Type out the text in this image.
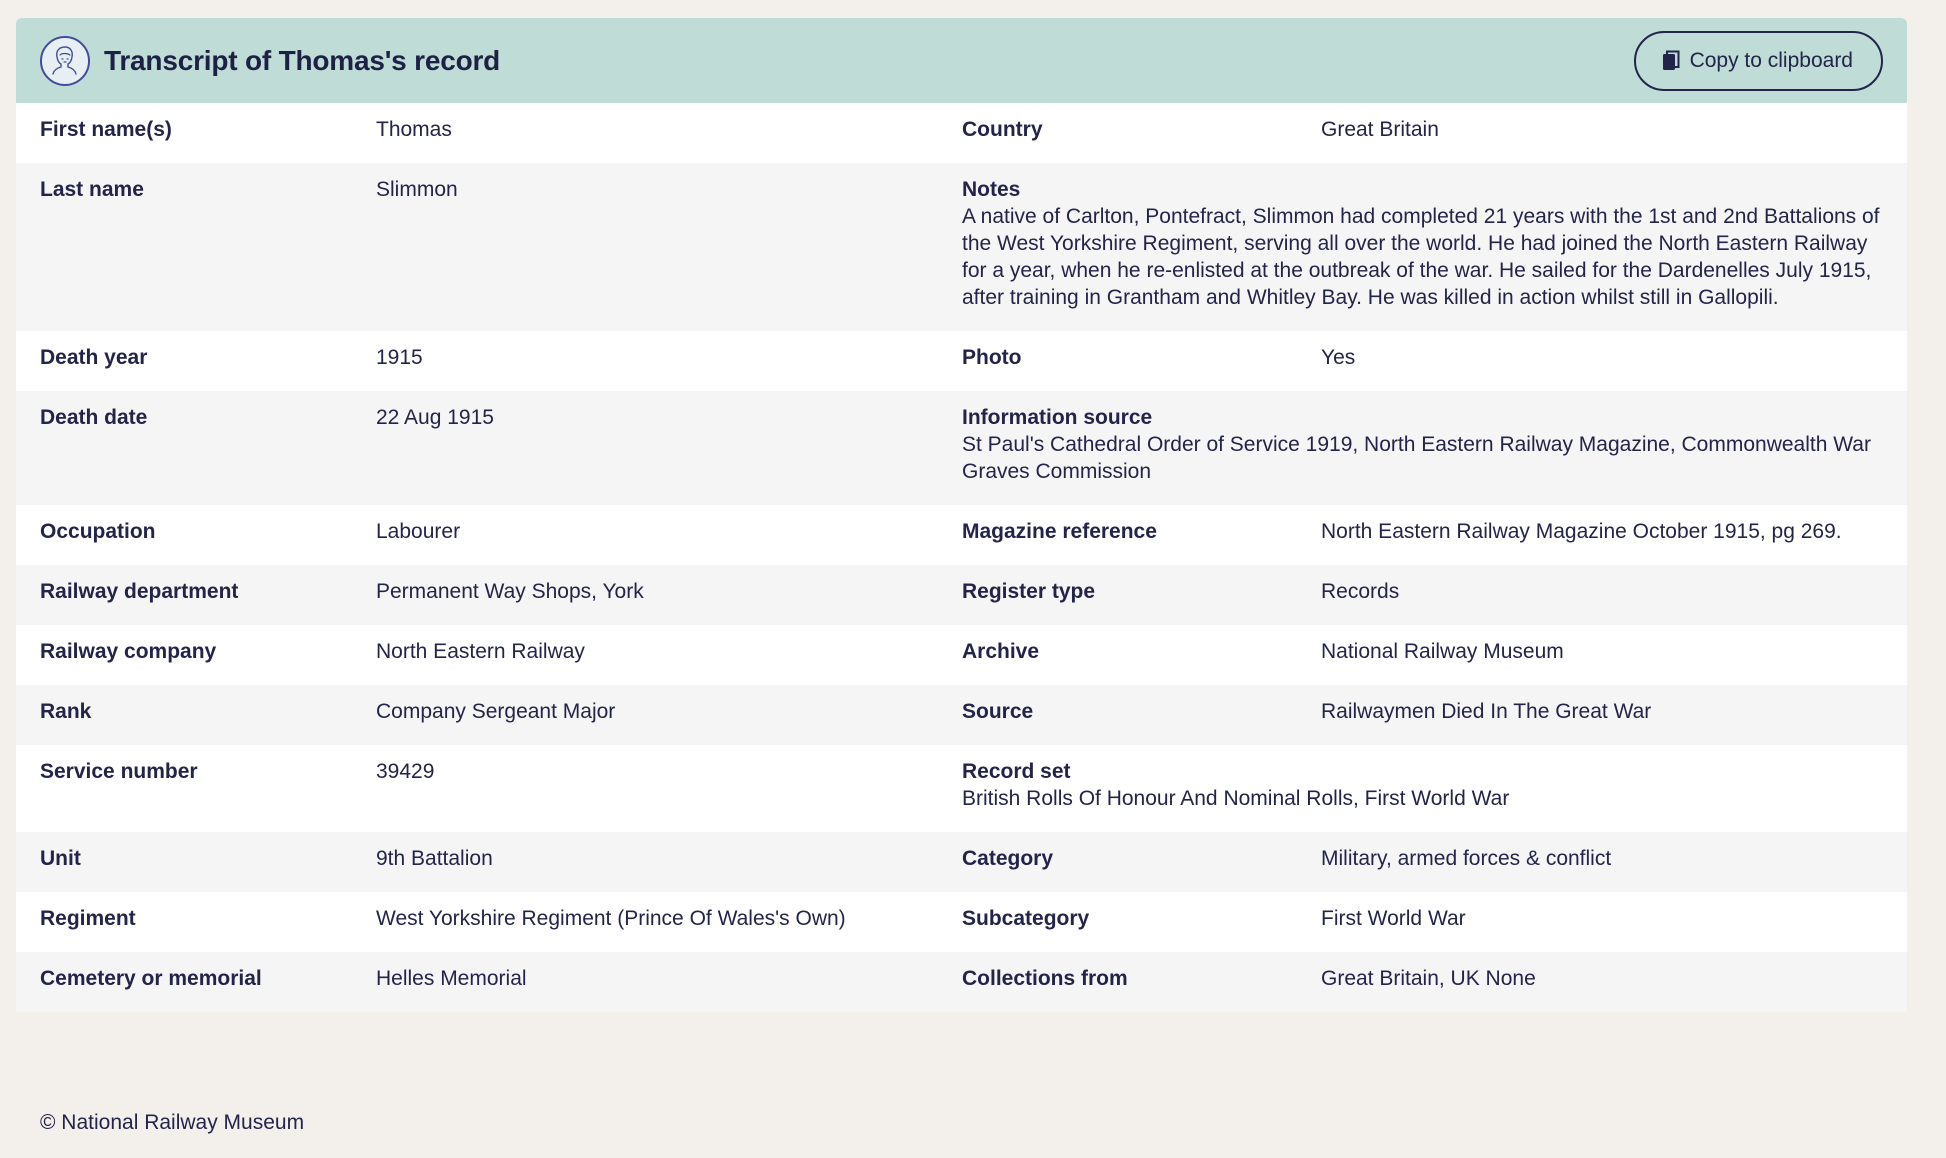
Transcript of Thomas's record	Copy to clipboard
First name(s)	Thomas	Country	Great Britain
Last name	Slimmon	Notes
A native of Carlton, Pontefract, Slimmon had completed 21 years with the 1st and 2nd Battalions of the West Yorkshire Regiment, serving all over the world. He had joined the North Eastern Railway for a year, when he re-enlisted at the outbreak of the war. He sailed for the Dardenelles July 1915, after training in Grantham and Whitley Bay. He was killed in action whilst still in Gallopili.
Death year	1915	Photo	Yes
Death date	22 Aug 1915	Information source
St Paul's Cathedral Order of Service 1919, North Eastern Railway Magazine, Commonwealth War Graves Commission
Occupation	Labourer	Magazine reference	North Eastern Railway Magazine October 1915, pg 269.
Railway department	Permanent Way Shops, York	Register type	Records
Railway company	North Eastern Railway	Archive	National Railway Museum
Rank	Company Sergeant Major	Source	Railwaymen Died In The Great War
Service number	39429	Record set
British Rolls Of Honour And Nominal Rolls, First World War
Unit	9th Battalion	Category	Military, armed forces & conflict
Regiment	West Yorkshire Regiment (Prince Of Wales's Own)	Subcategory	First World War
Cemetery or memorial	Helles Memorial	Collections from	Great Britain, UK None
© National Railway Museum
